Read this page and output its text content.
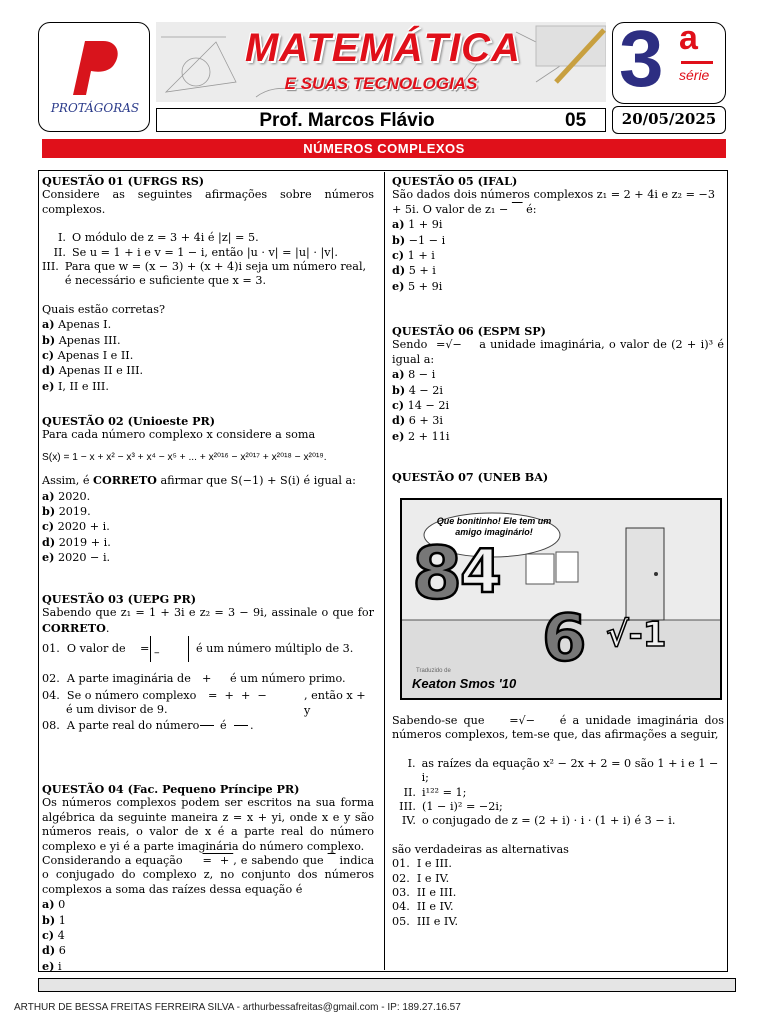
PROTÁGORAS
MATEMÁTICA
E SUAS TECNOLOGIAS	3 a
série
Prof. Marcos Flávio	05	20/05/2025
NÚMEROS COMPLEXOS
QUESTÃO 01 (UFRGS RS)
Considere as seguintes afirmações sobre números complexos.
I. O módulo de z = 3 + 4i é |z| = 5.
II. Se u = 1 + i e v = 1 − i, então |u · v| = |u| · |v|.
III. Para que w = (x − 3) + (x + 4)i seja um número real, é necessário e suficiente que x = 3.
Quais estão corretas?
a) Apenas I.
b) Apenas III.
c) Apenas I e II.
d) Apenas II e III.
e) I, II e III.
QUESTÃO 02 (Unioeste PR)
Para cada número complexo x considere a soma
S(x) = 1 − x + x² − x³ + x⁴ − x⁵ + ... + x²⁰¹⁶ − x²⁰¹⁷ + x²⁰¹⁸ − x²⁰¹⁹.
Assim, é CORRETO afirmar que S(−1) + S(i) é igual a:
a) 2020.
b) 2019.
c) 2020 + i.
d) 2019 + i.
e) 2020 − i.
QUESTÃO 03 (UEPG PR)
Sabendo que z₁ = 1 + 3i e z₂ = 3 − 9i, assinale o que for CORRETO.
01. O valor de = –	é um número múltiplo de 3.
02. A parte imaginária de + é um número primo.
04. Se o número complexo =  +  +  −	, então x + y
é um divisor de 9.
08. A parte real do número é .
QUESTÃO 04 (Fac. Pequeno Príncipe PR)
Os números complexos podem ser escritos na sua forma algébrica da seguinte maneira z = x + yi, onde x e y são números reais, o valor de x é a parte real do número complexo e yi é a parte imaginária do número complexo.
Considerando a equação =  + , e sabendo que indica o conjugado do complexo z, no conjunto dos números complexos a soma das raízes dessa equação é
a) 0
b) 1
c) 4
d) 6
e) i
QUESTÃO 05 (IFAL)
São dados dois números complexos z₁ = 2 + 4i e z₂ = −3 + 5i. O valor de z₁ − é:
a) 1 + 9i
b) −1 − i
c) 1 + i
d) 5 + i
e) 5 + 9i
QUESTÃO 06 (ESPM SP)
Sendo =√− a unidade imaginária, o valor de (2 + i)³ é igual a:
a) 8 − i
b) 4 − 2i
c) 14 − 2i
d) 6 + 3i
e) 2 + 11i
QUESTÃO 07 (UNEB BA)
8
4
6 √-1
Que bonitinho! Ele tem um amigo imaginário!
Traduzido de
Keaton Smos '10
Sabendo-se que =√− é a unidade imaginária dos números complexos, tem-se que, das afirmações a seguir,
I. as raízes da equação x² − 2x + 2 = 0 são 1 + i e 1 − i;
II. i¹²² = 1;
III. (1 − i)² = −2i;
IV. o conjugado de z = (2 + i) · i · (1 + i) é 3 − i.
são verdadeiras as alternativas
01. I e III.
02. I e IV.
03. II e III.
04. II e IV.
05. III e IV.
ARTHUR DE BESSA FREITAS FERREIRA SILVA - arthurbessafreitas@gmail.com - IP: 189.27.16.57
